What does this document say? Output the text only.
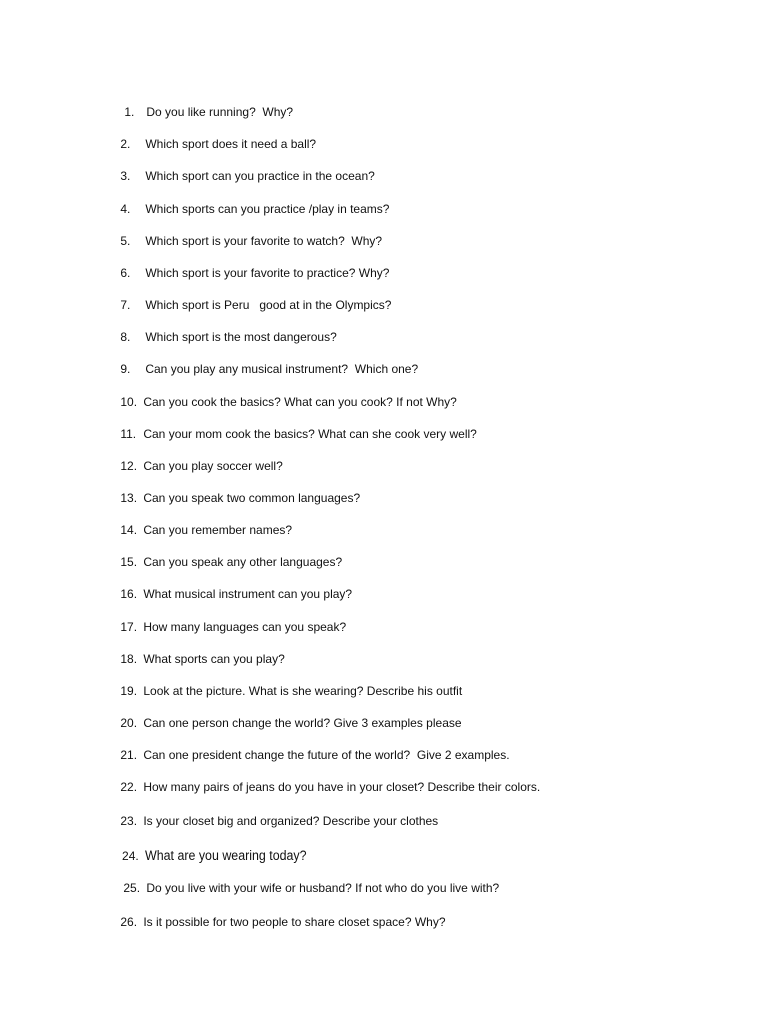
1. Do you like running?  Why?

2. Which sport does it need a ball?

3. Which sport can you practice in the ocean?

4. Which sports can you practice /play in teams?

5. Which sport is your favorite to watch?  Why?

6. Which sport is your favorite to practice? Why?

7. Which sport is Peru   good at in the Olympics?

8. Which sport is the most dangerous?

9. Can you play any musical instrument?  Which one?

10. Can you cook the basics? What can you cook? If not Why?

11. Can your mom cook the basics? What can she cook very well?

12. Can you play soccer well?

13. Can you speak two common languages?

14. Can you remember names?

15. Can you speak any other languages?

16. What musical instrument can you play?

17. How many languages can you speak?

18. What sports can you play?

19. Look at the picture. What is she wearing? Describe his outfit

20. Can one person change the world? Give 3 examples please

21. Can one president change the future of the world?  Give 2 examples.

22. How many pairs of jeans do you have in your closet? Describe their colors.

23. Is your closet big and organized? Describe your clothes

24. What are you wearing today?

25. Do you live with your wife or husband? If not who do you live with?

26. Is it possible for two people to share closet space? Why?
